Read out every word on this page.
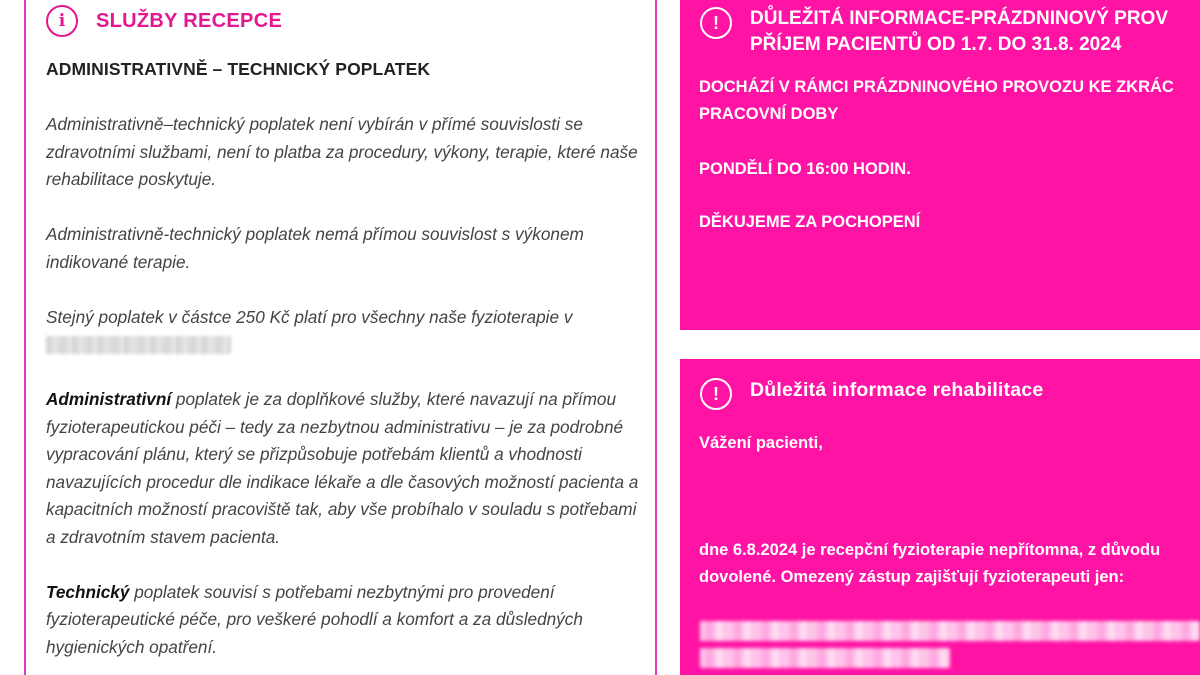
i	SLUŽBY RECEPCE
ADMINISTRATIVNĚ – TECHNICKÝ POPLATEK

Administrativně–technický poplatek není vybírán v přímé souvislosti se zdravotními službami, není to platba za procedury, výkony, terapie, které naše rehabilitace poskytuje.

Administrativně-technický poplatek nemá přímou souvislost s výkonem indikované terapie.

Stejný poplatek v částce 250 Kč platí pro všechny naše fyzioterapie v

Administrativní poplatek je za doplňkové služby, které navazují na přímou fyzioterapeutickou péči – tedy za nezbytnou administrativu – je za podrobné vypracování plánu, který se přizpůsobuje potřebám klientů a vhodnosti navazujících procedur dle indikace lékaře a dle časových možností pacienta a kapacitních možností pracoviště tak, aby vše probíhalo v souladu s potřebami a zdravotním stavem pacienta.

Technický poplatek souvisí s potřebami nezbytnými pro provedení fyzioterapeutické péče, pro veškeré pohodlí a komfort a za důsledných hygienických opatření.

!	DŮLEŽITÁ INFORMACE-PRÁZDNINOVÝ PROV
PŘÍJEM PACIENTŮ OD 1.7. DO 31.8. 2024
DOCHÁZÍ V RÁMCI PRÁZDNINOVÉHO PROVOZU KE ZKRÁC
PRACOVNÍ DOBY
PONDĚLÍ DO 16:00 HODIN.
DĚKUJEME ZA POCHOPENÍ
!	Důležitá informace rehabilitace
Vážení pacienti,
dne 6.8.2024 je recepční fyzioterapie nepřítomna, z důvodu
dovolené. Omezený zástup zajišťují fyzioterapeuti jen:
